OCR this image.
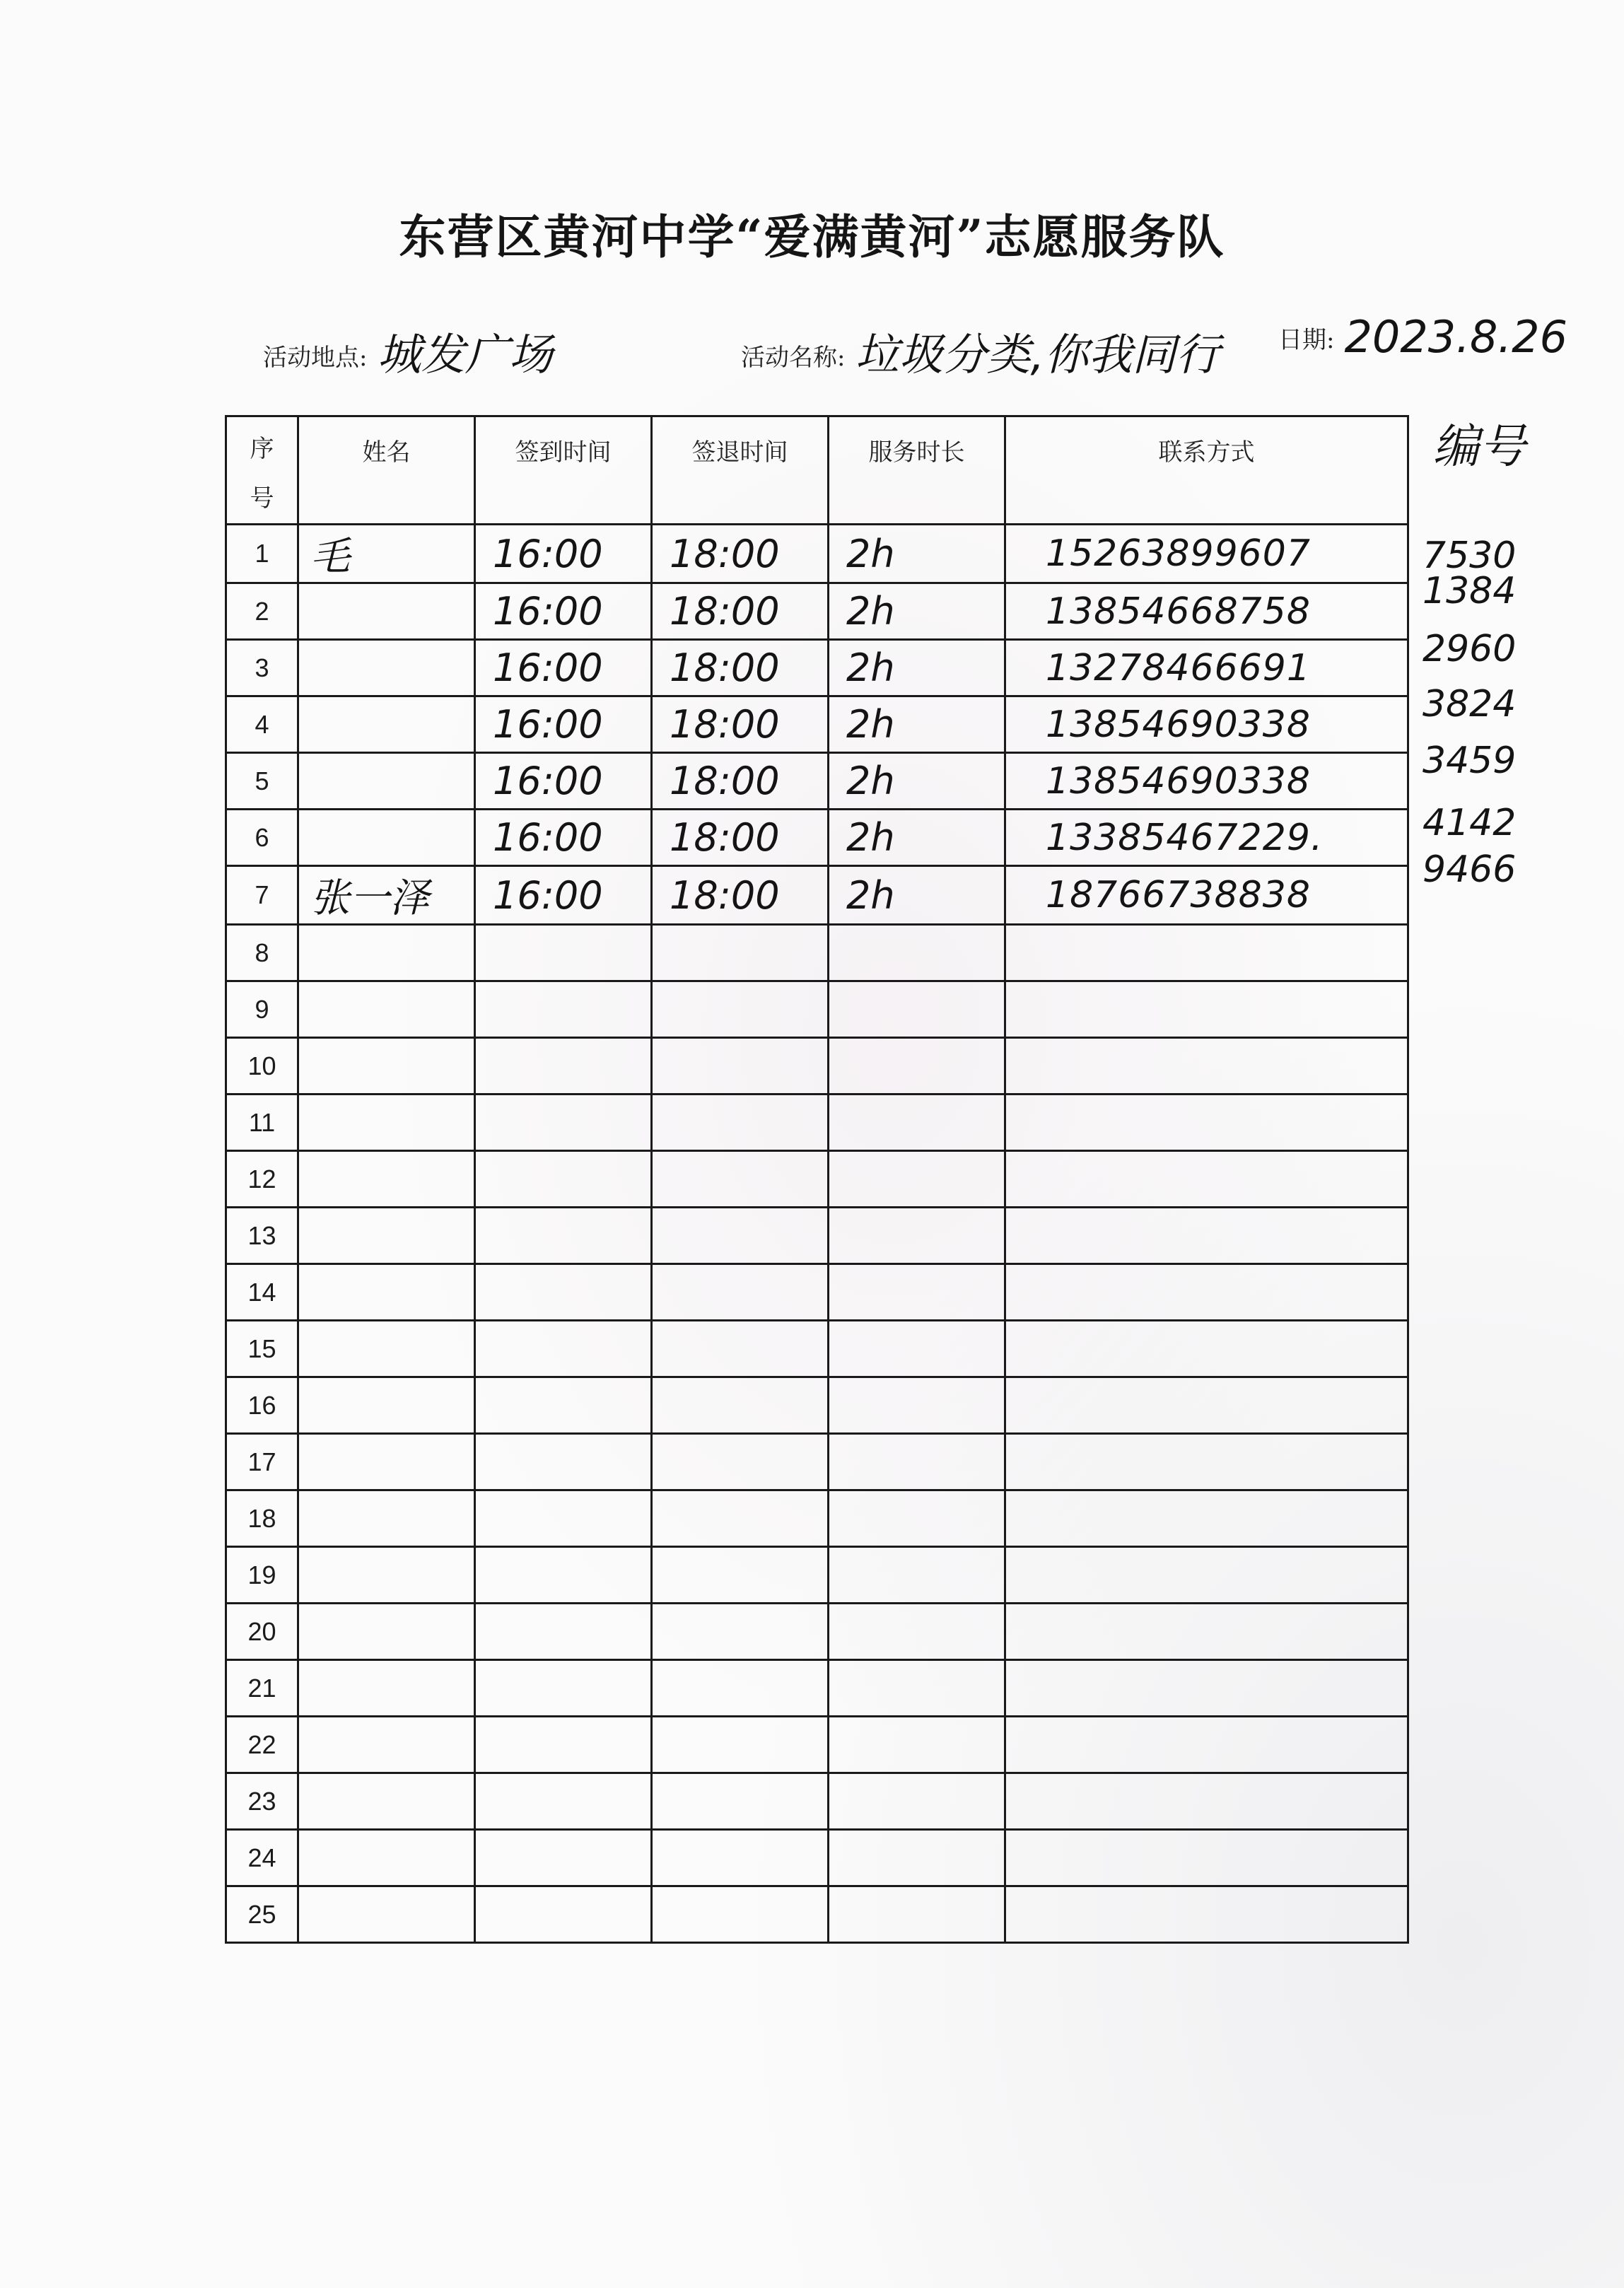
东营区黄河中学“爱满黄河”志愿服务队
活动地点: 城发广场	活动名称: 垃圾分类,你我同行 日期: 2023.8.26
序
号	姓名	签到时间	签退时间	服务时长	联系方式
1	毛	16:00	18:00	2h	15263899607
2		16:00	18:00	2h	13854668758
3		16:00	18:00	2h	13278466691
4		16:00	18:00	2h	13854690338
5		16:00	18:00	2h	13854690338
6		16:00	18:00	2h	13385467229.
7	张一泽	16:00	18:00	2h	18766738838
8					
9					
10					
11					
12					
13					
14					
15					
16					
17					
18					
19					
20					
21					
22					
23					
24					
25					
编号
7530
1384
2960
3824
3459
4142
9466
